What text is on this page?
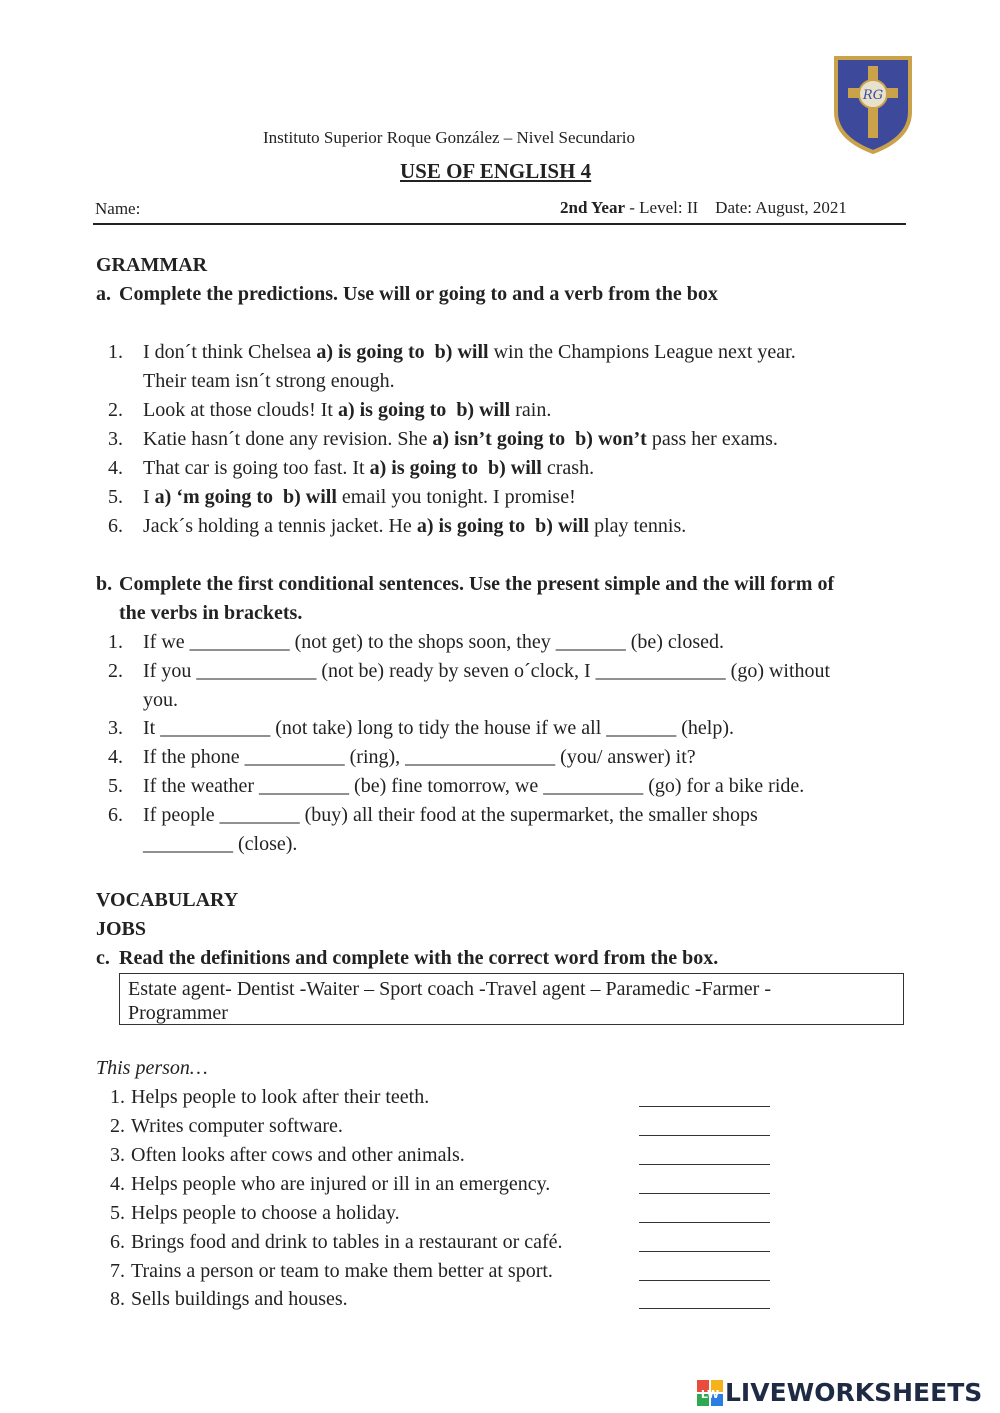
RG
Instituto Superior Roque González – Nivel Secundario
USE OF ENGLISH 4
Name:	2nd Year - Level: II Date: August, 2021
GRAMMAR
a. Complete the predictions. Use will or going to and a verb from the box
1. I don´t think Chelsea a) is going to b) will win the Champions League next year.
Their team isn´t strong enough.
2. Look at those clouds! It a) is going to b) will rain.
3. Katie hasn´t done any revision. She a) isn’t going to b) won’t pass her exams.
4. That car is going too fast. It a) is going to b) will crash.
5. I a) ‘m going to b) will email you tonight. I promise!
6. Jack´s holding a tennis jacket. He a) is going to b) will play tennis.
b. Complete the first conditional sentences. Use the present simple and the will form of
the verbs in brackets.
1. If we __________ (not get) to the shops soon, they _______ (be) closed.
2. If you ____________ (not be) ready by seven o´clock, I _____________ (go) without
you.
3. It ___________ (not take) long to tidy the house if we all _______ (help).
4. If the phone __________ (ring), _______________ (you/ answer) it?
5. If the weather _________ (be) fine tomorrow, we __________ (go) for a bike ride.
6. If people ________ (buy) all their food at the supermarket, the smaller shops
_________ (close).
VOCABULARY
JOBS
c. Read the definitions and complete with the correct word from the box.
Estate agent- Dentist -Waiter – Sport coach -Travel agent – Paramedic -Farmer -
Programmer
This person…
1. Helps people to look after their teeth.
2. Writes computer software.
3. Often looks after cows and other animals.
4. Helps people who are injured or ill in an emergency.
5. Helps people to choose a holiday.
6. Brings food and drink to tables in a restaurant or café.
7. Trains a person or team to make them better at sport.
8. Sells buildings and houses.
LW LIVEWORKSHEETS
